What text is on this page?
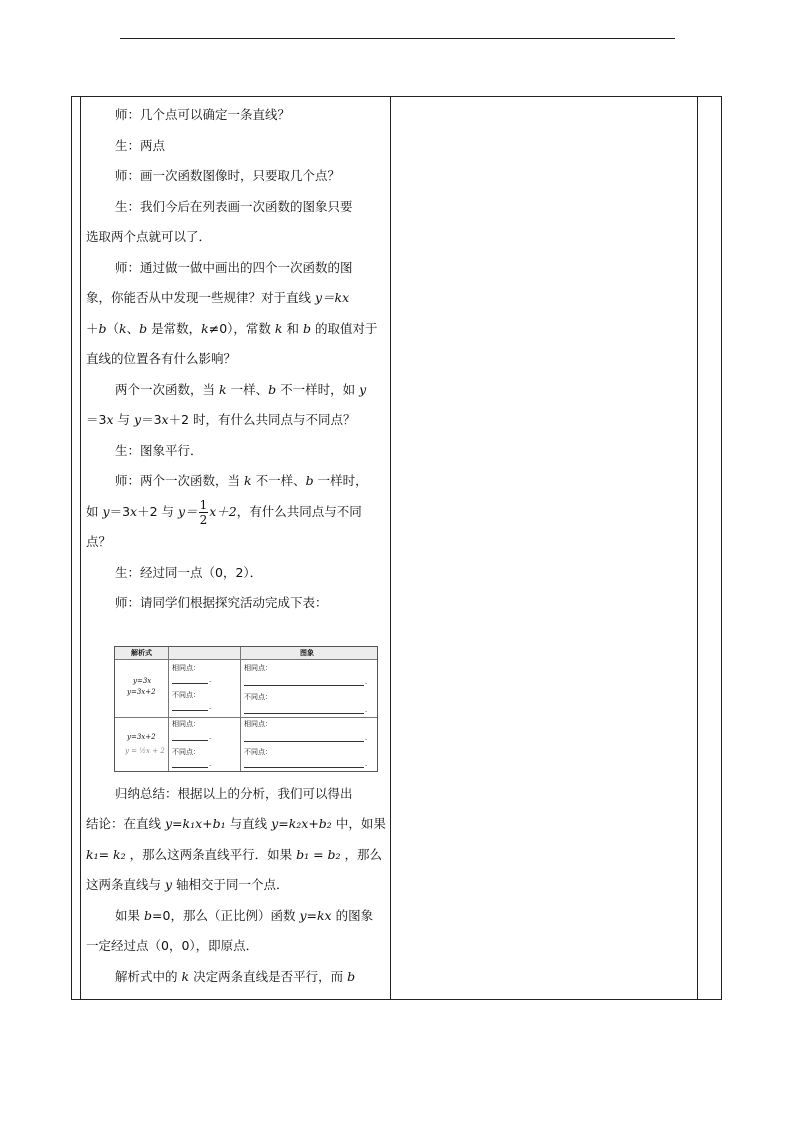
师：几个点可以确定一条直线？

生：两点

师：画一次函数图像时，只要取几个点？

生：我们今后在列表画一次函数的图象只要

选取两个点就可以了．

师：通过做一做中画出的四个一次函数的图

象，你能否从中发现一些规律？对于直线 y＝kx

＋b（k、b 是常数，k≠0），常数 k 和 b 的取值对于

直线的位置各有什么影响？

两个一次函数，当 k 一样、b 不一样时，如 y

＝3x 与 y＝3x＋2 时，有什么共同点与不同点？

生：图象平行．

师：两个一次函数，当 k 不一样、b 一样时，

如 y＝3x＋2 与 $y= \frac{1}{2} x+2$，有什么共同点与不同

点？

生：经过同一点（0，2）．

师：请同学们根据探究活动完成下表：

归纳总结：根据以上的分析，我们可以得出

结论：在直线 y=k₁x+b₁ 与直线 y=k₂x+b₂ 中，如果

k₁= k₂ ，那么这两条直线平行．如果 b₁ = b₂ ，那么

这两条直线与 y 轴相交于同一个点．

如果 b=0，那么（正比例）函数 y=kx 的图象

一定经过点（0，0），即原点．

解析式中的 k 决定两条直线是否平行，而 b

解析式	图象
y=3x
y=3x+2
相同点：
.
不同点：
.
相同点：
.
不同点：
.
y=3x+2
y = ½x + 2
相同点：
.
不同点：
.
相同点：
.
不同点：
.
